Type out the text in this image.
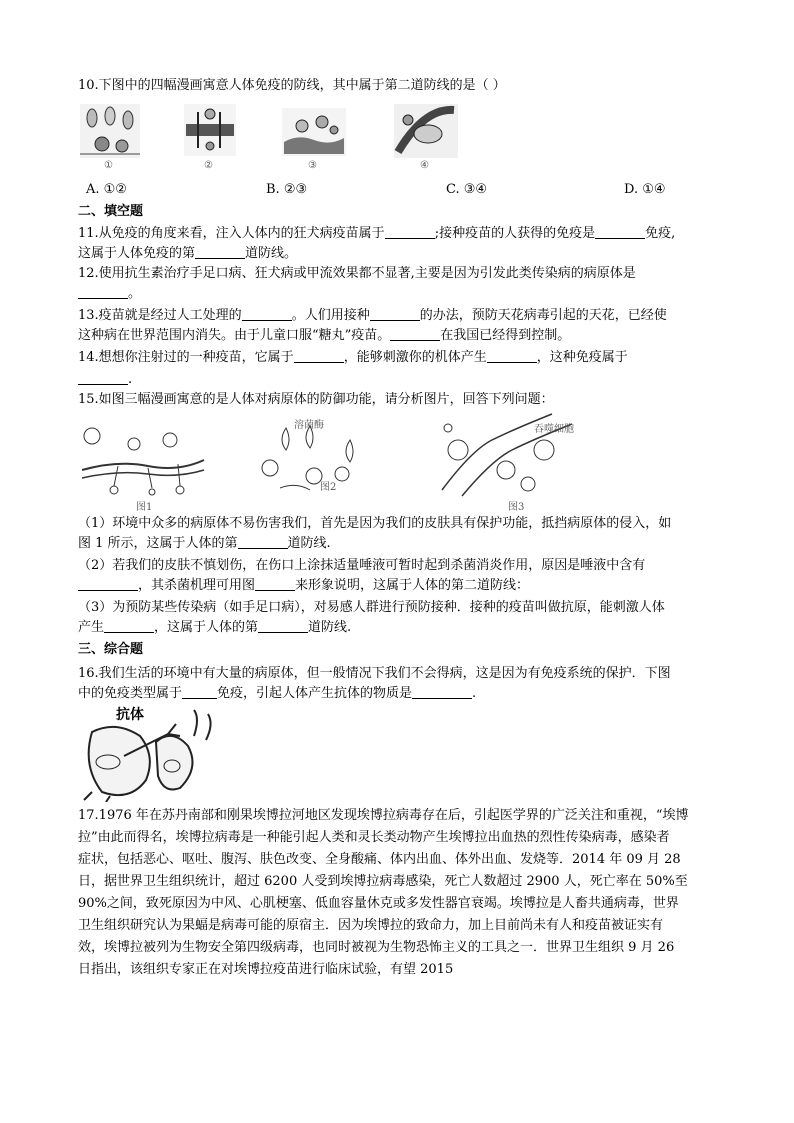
10.下图中的四幅漫画寓意人体免疫的防线，其中属于第二道防线的是（ ）
①	②	③	④
A. ①②	B. ②③	C. ③④	D. ①④
二、填空题
11.从免疫的角度来看，注入人体内的狂犬病疫苗属于	;接种疫苗的人获得的免疫是	免疫,
这属于人体免疫的第	道防线。
12.使用抗生素治疗手足口病、狂犬病或甲流效果都不显著,主要是因为引发此类传染病的病原体是
。
13.疫苗就是经过人工处理的	。人们用接种	的办法，预防天花病毒引起的天花，已经使
这种病在世界范围内消失。由于儿童口服“糖丸”疫苗。	在我国已经得到控制。
14.想想你注射过的一种疫苗，它属于	，能够刺激你的机体产生	，这种免疫属于
.
15.如图三幅漫画寓意的是人体对病原体的防御功能，请分析图片，回答下列问题：
图1
溶菌酶
图2
吞噬细胞
图3
（1）环境中众多的病原体不易伤害我们，首先是因为我们的皮肤具有保护功能，抵挡病原体的侵入，如
图 1 所示，这属于人体的第	道防线.
（2）若我们的皮肤不慎划伤，在伤口上涂抹适量唾液可暂时起到杀菌消炎作用，原因是唾液中含有
，其杀菌机理可用图	来形象说明，这属于人体的第二道防线：
（3）为预防某些传染病（如手足口病），对易感人群进行预防接种．接种的疫苗叫做抗原，能刺激人体
产生	，这属于人体的第	道防线.
三、综合题
16.我们生活的环境中有大量的病原体，但一般情况下我们不会得病，这是因为有免疫系统的保护．下图
中的免疫类型属于	免疫，引起人体产生抗体的物质是	.
抗体
17.1976 年在苏丹南部和刚果埃博拉河地区发现埃博拉病毒存在后，引起医学界的广泛关注和重视，“埃博
拉”由此而得名，埃博拉病毒是一种能引起人类和灵长类动物产生埃博拉出血热的烈性传染病毒，感染者
症状，包括恶心、呕吐、腹泻、肤色改变、全身酸痛、体内出血、体外出血、发烧等．2014 年 09 月 28
日，据世界卫生组织统计，超过 6200 人受到埃博拉病毒感染，死亡人数超过 2900 人，死亡率在 50%至
90%之间，致死原因为中风、心肌梗塞、低血容量休克或多发性器官衰竭。埃博拉是人畜共通病毒，世界
卫生组织研究认为果蝠是病毒可能的原宿主．因为埃博拉的致命力，加上目前尚未有人和疫苗被证实有
效，埃博拉被列为生物安全第四级病毒，也同时被视为生物恐怖主义的工具之一．世界卫生组织 9 月 26
日指出，该组织专家正在对埃博拉疫苗进行临床试验，有望 2015
